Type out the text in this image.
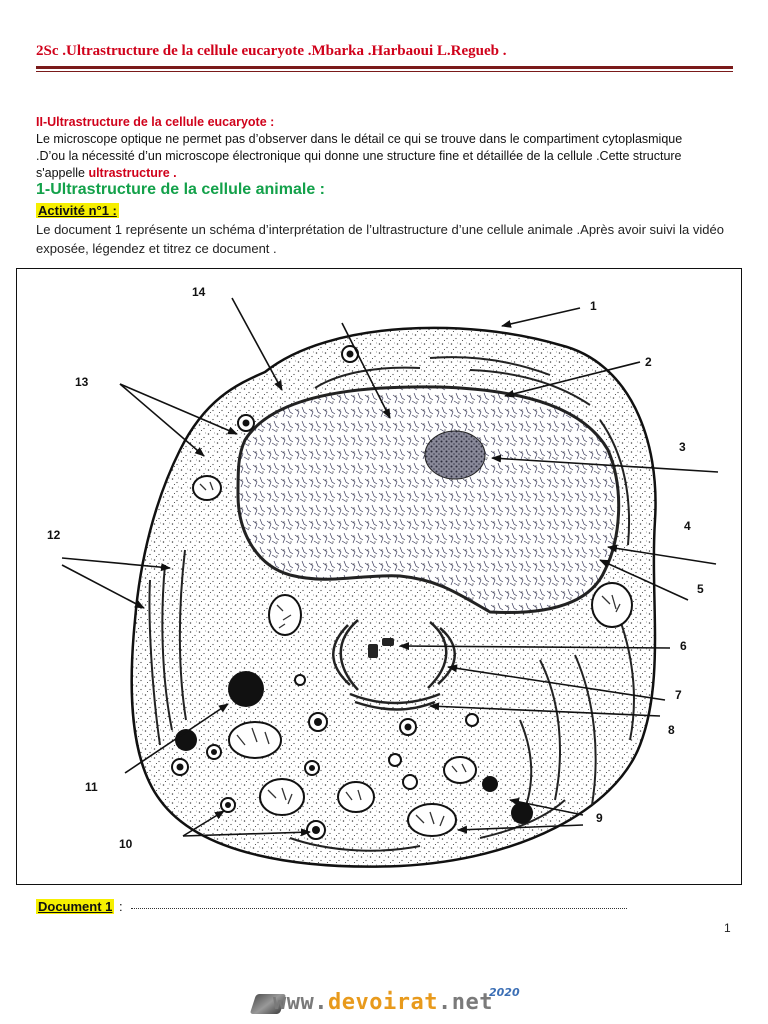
2Sc .Ultrastructure de la cellule eucaryote .Mbarka .Harbaoui L.Regueb .
II-Ultrastructure de la cellule eucaryote :
Le microscope optique ne permet pas d’observer dans le détail ce qui se trouve dans le compartiment cytoplasmique
.D’ou la nécessité d’un microscope électronique qui donne une structure fine et détaillée de la cellule .Cette structure
s'appelle ultrastructure .
1-Ultrastructure de la cellule animale :
Activité n°1 :
Le document 1 représente un schéma d’interprétation de l’ultrastructure d’une cellule animale .Après avoir suivi la vidéo exposée, légendez et titrez ce document .
1
2
3
4
5
6
7
8
9
10
11
12
13
14
Document 1 :
1
www.devoirat.net
2020
